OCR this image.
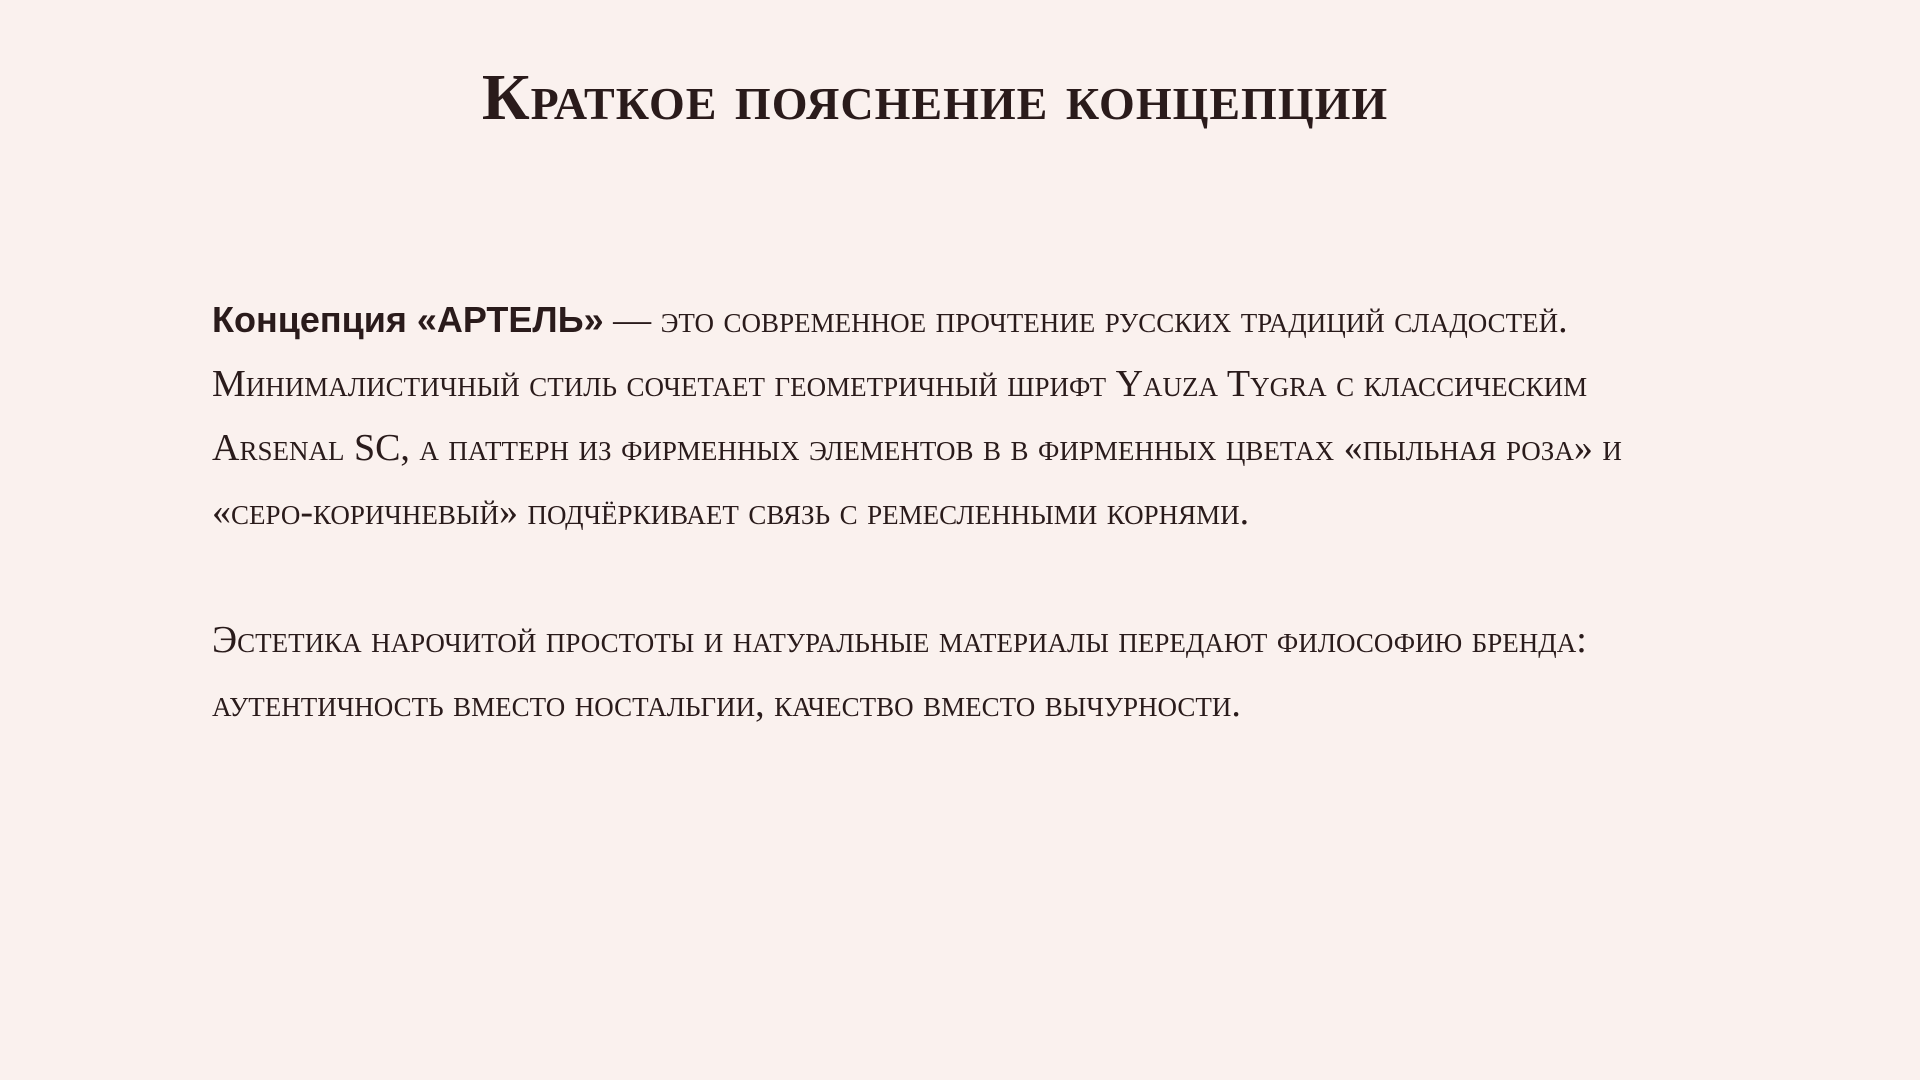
Краткое пояснение концепции

Концепция «АРТЕЛЬ» — это современное прочтение русских традиций сладостей. Минималистичный стиль сочетает геометричный шрифт Yauza Tygra с классическим Arsenal SC, а паттерн из фирменных элементов в в фирменных цветах «пыльная роза» и «серо-коричневый» подчёркивает связь с ремесленными корнями.

Эстетика нарочитой простоты и натуральные материалы передают философию бренда: аутентичность вместо ностальгии, качество вместо вычурности.
